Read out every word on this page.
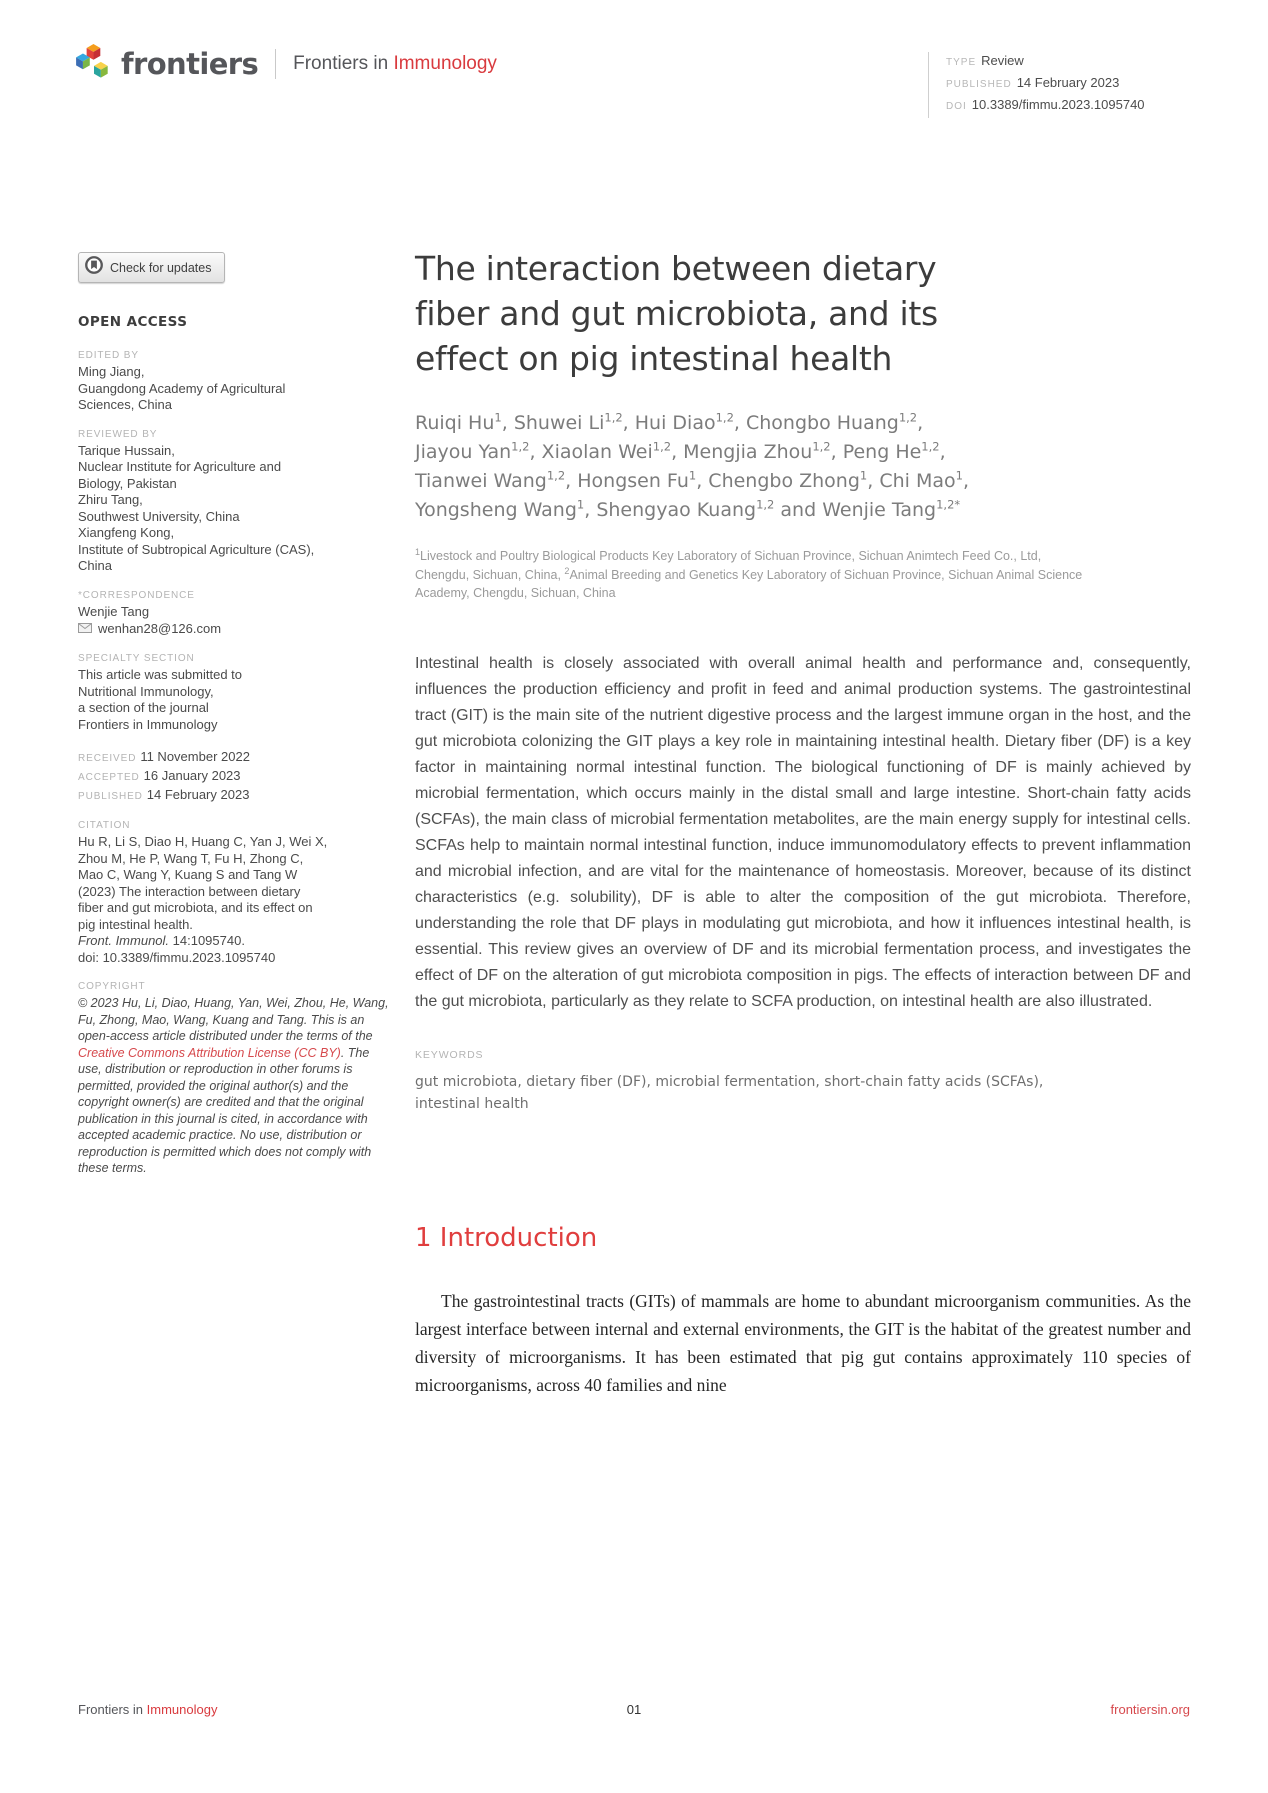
frontiers Frontiers in Immunology	TYPE Review
PUBLISHED 14 February 2023
DOI 10.3389/fimmu.2023.1095740
Check for updates
OPEN ACCESS
EDITED BY
Ming Jiang,
Guangdong Academy of Agricultural
Sciences, China
REVIEWED BY
Tarique Hussain,
Nuclear Institute for Agriculture and
Biology, Pakistan
Zhiru Tang,
Southwest University, China
Xiangfeng Kong,
Institute of Subtropical Agriculture (CAS),
China
*CORRESPONDENCE
Wenjie Tang
wenhan28@126.com
SPECIALTY SECTION
This article was submitted to
Nutritional Immunology,
a section of the journal
Frontiers in Immunology
RECEIVED 11 November 2022
ACCEPTED 16 January 2023
PUBLISHED 14 February 2023
CITATION
Hu R, Li S, Diao H, Huang C, Yan J, Wei X,
Zhou M, He P, Wang T, Fu H, Zhong C,
Mao C, Wang Y, Kuang S and Tang W
(2023) The interaction between dietary
fiber and gut microbiota, and its effect on
pig intestinal health.
Front. Immunol. 14:1095740.
doi: 10.3389/fimmu.2023.1095740
COPYRIGHT

© 2023 Hu, Li, Diao, Huang, Yan, Wei, Zhou, He, Wang, Fu, Zhong, Mao, Wang, Kuang and Tang. This is an open-access article distributed under the terms of the Creative Commons Attribution License (CC BY). The use, distribution or reproduction in other forums is permitted, provided the original author(s) and the copyright owner(s) are credited and that the original publication in this journal is cited, in accordance with accepted academic practice. No use, distribution or reproduction is permitted which does not comply with these terms.

The interaction between dietary
fiber and gut microbiota, and its
effect on pig intestinal health
Ruiqi Hu$^1$, Shuwei Li$^{1,2}$, Hui Diao$^{1,2}$, Chongbo Huang$^{1,2}$,
Jiayou Yan$^{1,2}$, Xiaolan Wei$^{1,2}$, Mengjia Zhou$^{1,2}$, Peng He$^{1,2}$,
Tianwei Wang$^{1,2}$, Hongsen Fu$^1$, Chengbo Zhong$^1$, Chi Mao$^1$,
Yongsheng Wang$^1$, Shengyao Kuang$^{1,2}$ and Wenjie Tang$^{1,2*}$

$^1$Livestock and Poultry Biological Products Key Laboratory of Sichuan Province, Sichuan Animtech Feed Co., Ltd, Chengdu, Sichuan, China, $^2$Animal Breeding and Genetics Key Laboratory of Sichuan Province, Sichuan Animal Science Academy, Chengdu, Sichuan, China

Intestinal health is closely associated with overall animal health and performance and, consequently, influences the production efficiency and profit in feed and animal production systems. The gastrointestinal tract (GIT) is the main site of the nutrient digestive process and the largest immune organ in the host, and the gut microbiota colonizing the GIT plays a key role in maintaining intestinal health. Dietary fiber (DF) is a key factor in maintaining normal intestinal function. The biological functioning of DF is mainly achieved by microbial fermentation, which occurs mainly in the distal small and large intestine. Short-chain fatty acids (SCFAs), the main class of microbial fermentation metabolites, are the main energy supply for intestinal cells. SCFAs help to maintain normal intestinal function, induce immunomodulatory effects to prevent inflammation and microbial infection, and are vital for the maintenance of homeostasis. Moreover, because of its distinct characteristics (e.g. solubility), DF is able to alter the composition of the gut microbiota. Therefore, understanding the role that DF plays in modulating gut microbiota, and how it influences intestinal health, is essential. This review gives an overview of DF and its microbial fermentation process, and investigates the effect of DF on the alteration of gut microbiota composition in pigs. The effects of interaction between DF and the gut microbiota, particularly as they relate to SCFA production, on intestinal health are also illustrated.

KEYWORDS
gut microbiota, dietary fiber (DF), microbial fermentation, short-chain fatty acids (SCFAs),
intestinal health
1 Introduction

The gastrointestinal tracts (GITs) of mammals are home to abundant microorganism communities. As the largest interface between internal and external environments, the GIT is the habitat of the greatest number and diversity of microorganisms. It has been estimated that pig gut contains approximately 110 species of microorganisms, across 40 families and nine

Frontiers in Immunology	01	frontiersin.org
